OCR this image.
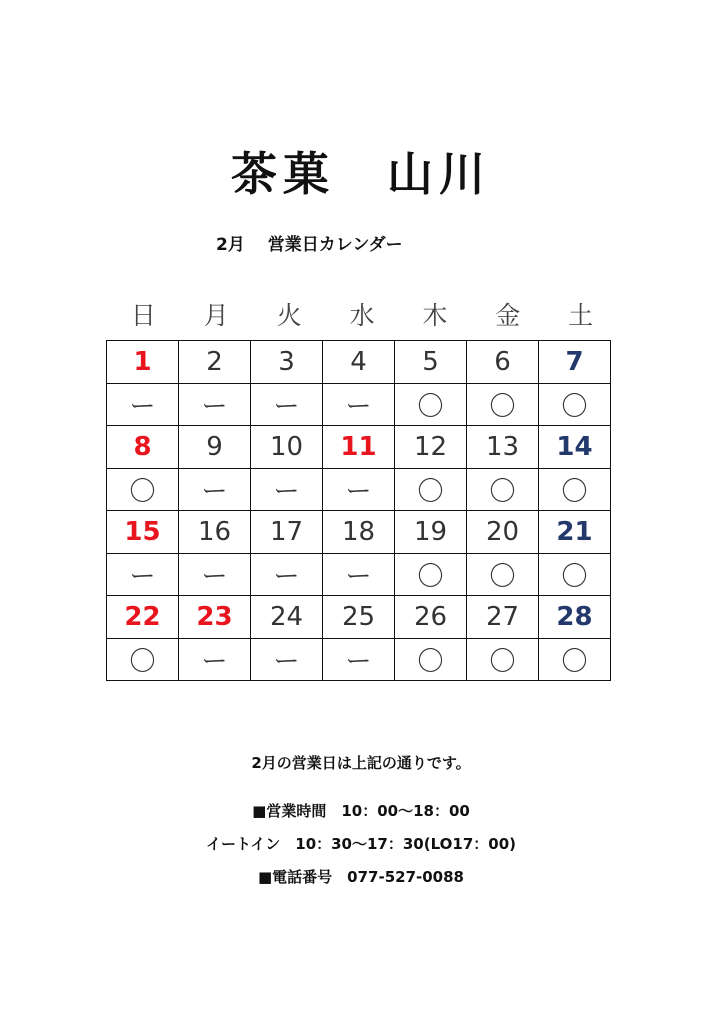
茶菓　山川
2月　 営業日カレンダー
日	月	火	水	木	金	土
1	2	3	4	5	6	7
ー	ー	ー	ー	〇	〇	〇
8	9	10	11	12	13	14
〇	ー	ー	ー	〇	〇	〇
15	16	17	18	19	20	21
ー	ー	ー	ー	〇	〇	〇
22	23	24	25	26	27	28
〇	ー	ー	ー	〇	〇	〇
2月の営業日は上記の通りです。
■営業時間　10：00～18：00
イートイン　10：30～17：30(LO17：00)
■電話番号　077-527-0088
